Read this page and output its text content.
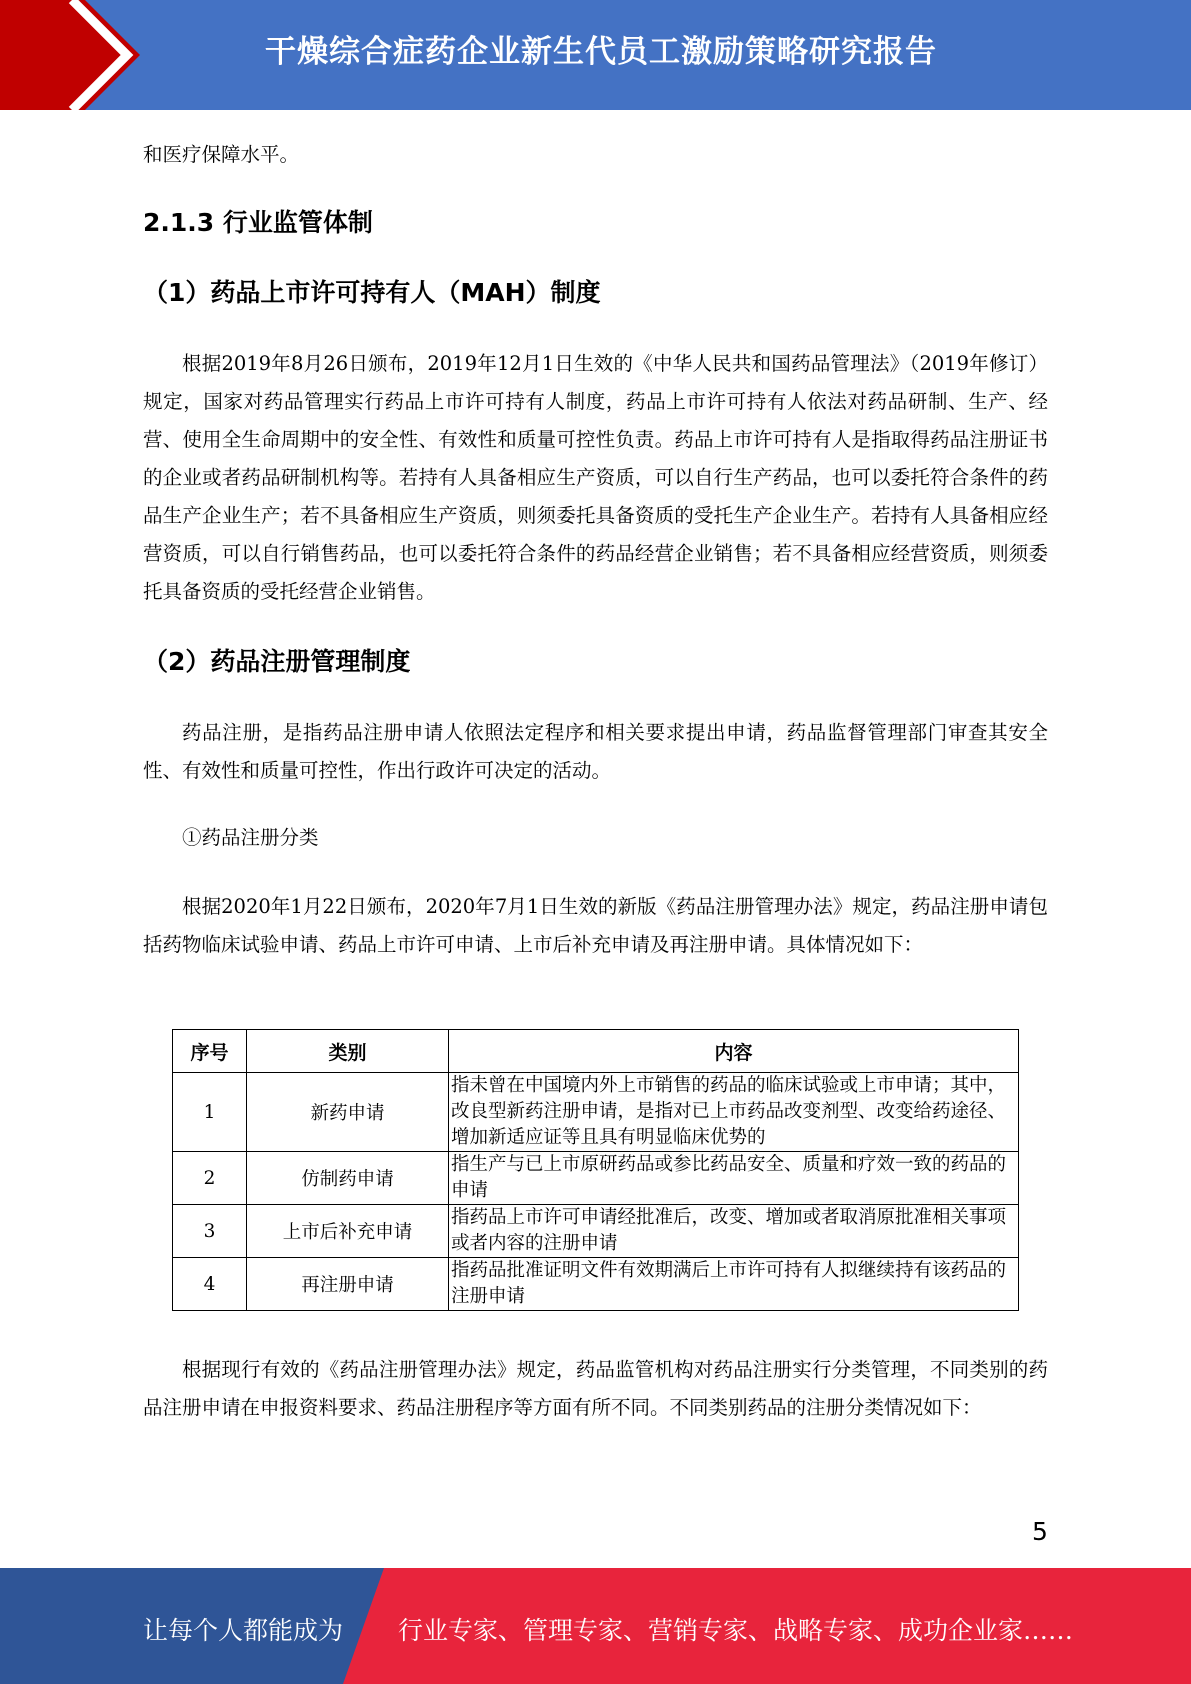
干燥综合症药企业新生代员工激励策略研究报告
和医疗保障水平。
2.1.3 行业监管体制
（1）药品上市许可持有人（MAH）制度
根据2019年8月26日颁布，2019年12月1日生效的《中华人民共和国药品管理法》（2019年修订）规定，国家对药品管理实行药品上市许可持有人制度，药品上市许可持有人依法对药品研制、生产、经营、使用全生命周期中的安全性、有效性和质量可控性负责。药品上市许可持有人是指取得药品注册证书的企业或者药品研制机构等。若持有人具备相应生产资质，可以自行生产药品，也可以委托符合条件的药品生产企业生产；若不具备相应生产资质，则须委托具备资质的受托生产企业生产。若持有人具备相应经营资质，可以自行销售药品，也可以委托符合条件的药品经营企业销售；若不具备相应经营资质，则须委托具备资质的受托经营企业销售。
（2）药品注册管理制度
药品注册，是指药品注册申请人依照法定程序和相关要求提出申请，药品监督管理部门审查其安全性、有效性和质量可控性，作出行政许可决定的活动。
①药品注册分类
根据2020年1月22日颁布，2020年7月1日生效的新版《药品注册管理办法》规定，药品注册申请包括药物临床试验申请、药品上市许可申请、上市后补充申请及再注册申请。具体情况如下：
序号	类别	内容
1	新药申请	指未曾在中国境内外上市销售的药品的临床试验或上市申请；其中，改良型新药注册申请，是指对已上市药品改变剂型、改变给药途径、增加新适应证等且具有明显临床优势的
2	仿制药申请	指生产与已上市原研药品或参比药品安全、质量和疗效一致的药品的申请
3	上市后补充申请	指药品上市许可申请经批准后，改变、增加或者取消原批准相关事项或者内容的注册申请
4	再注册申请	指药品批准证明文件有效期满后上市许可持有人拟继续持有该药品的注册申请
根据现行有效的《药品注册管理办法》规定，药品监管机构对药品注册实行分类管理，不同类别的药品注册申请在申报资料要求、药品注册程序等方面有所不同。不同类别药品的注册分类情况如下：
5
让每个人都能成为 行业专家、管理专家、营销专家、战略专家、成功企业家……
